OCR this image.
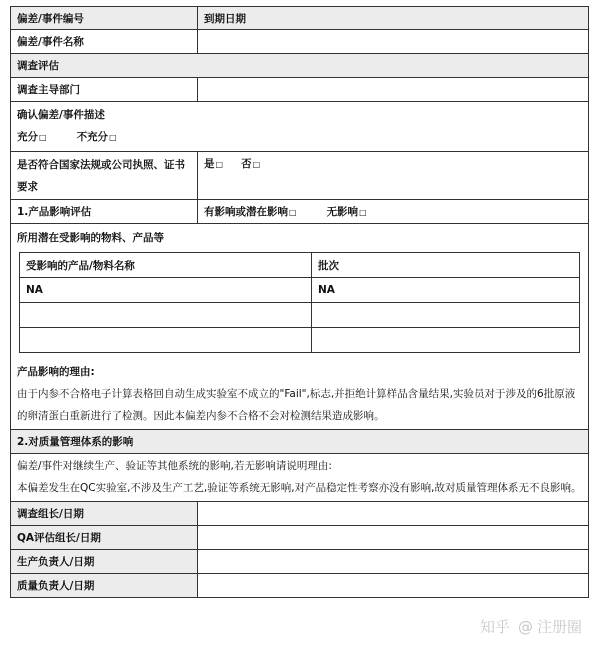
偏差/事件编号	到期日期
偏差/事件名称
调查评估
调查主导部门
确认偏差/事件描述
充分□	不充分□
是否符合国家法规或公司执照、证书要求
是□ 否□
1.产品影响评估	有影响或潜在影响□	无影响□
所用潜在受影响的物料、产品等
受影响的产品/物料名称	批次
NA	NA
产品影响的理由:
由于内参不合格电子计算表格回自动生成实验室不成立的"Fail",标志,并拒绝计算样品含量结果,实验员对于涉及的6批原液的卵清蛋白重新进行了检测。因此本偏差内参不合格不会对检测结果造成影响。
2.对质量管理体系的影响
偏差/事件对继续生产、验证等其他系统的影响,若无影响请说明理由:
本偏差发生在QC实验室,不涉及生产工艺,验证等系统无影响,对产品稳定性考察亦没有影响,故对质量管理体系无不良影响。
调查组长/日期
QA评估组长/日期
生产负责人/日期
质量负责人/日期
知乎 @ 注册圈
